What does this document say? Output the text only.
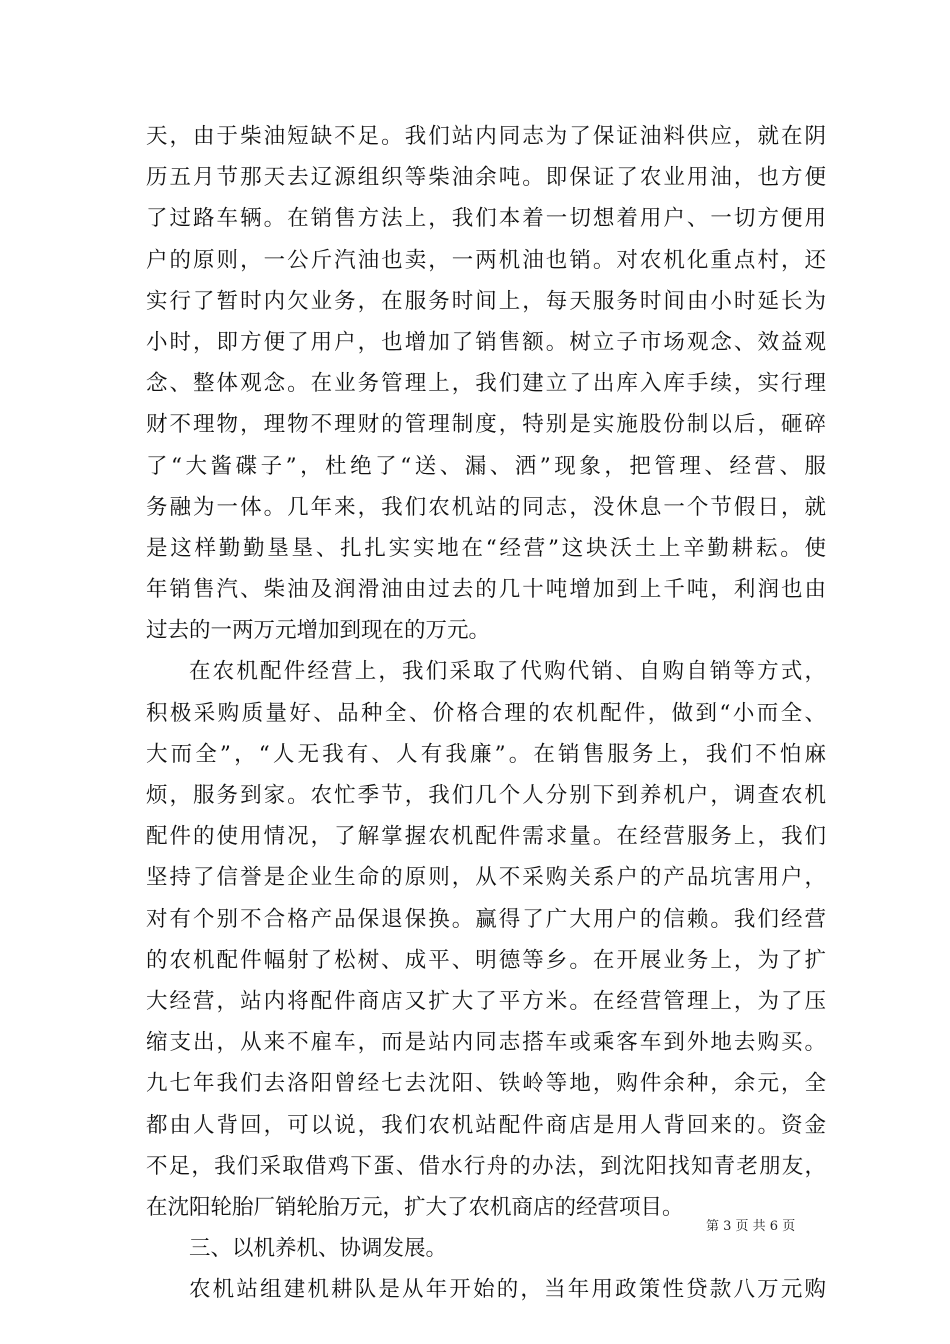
天，由于柴油短缺不足。我们站内同志为了保证油料供应，就在阴
历五月节那天去辽源组织等柴油余吨。即保证了农业用油，也方便
了过路车辆。在销售方法上，我们本着一切想着用户、一切方便用
户的原则，一公斤汽油也卖，一两机油也销。对农机化重点村，还
实行了暂时内欠业务，在服务时间上，每天服务时间由小时延长为
小时，即方便了用户，也增加了销售额。树立子市场观念、效益观
念、整体观念。在业务管理上，我们建立了出库入库手续，实行理
财不理物，理物不理财的管理制度，特别是实施股份制以后，砸碎
了“大酱碟子”，杜绝了“送、漏、洒”现象，把管理、经营、服
务融为一体。几年来，我们农机站的同志，没休息一个节假日，就
是这样勤勤垦垦、扎扎实实地在“经营”这块沃土上辛勤耕耘。使
年销售汽、柴油及润滑油由过去的几十吨增加到上千吨，利润也由
过去的一两万元增加到现在的万元。
在农机配件经营上，我们采取了代购代销、自购自销等方式，
积极采购质量好、品种全、价格合理的农机配件，做到“小而全、
大而全”，“人无我有、人有我廉”。在销售服务上，我们不怕麻
烦，服务到家。农忙季节，我们几个人分别下到养机户，调查农机
配件的使用情况，了解掌握农机配件需求量。在经营服务上，我们
坚持了信誉是企业生命的原则，从不采购关系户的产品坑害用户，
对有个别不合格产品保退保换。赢得了广大用户的信赖。我们经营
的农机配件幅射了松树、成平、明德等乡。在开展业务上，为了扩
大经营，站内将配件商店又扩大了平方米。在经营管理上，为了压
缩支出，从来不雇车，而是站内同志搭车或乘客车到外地去购买。
九七年我们去洛阳曾经七去沈阳、铁岭等地，购件余种，余元，全
都由人背回，可以说，我们农机站配件商店是用人背回来的。资金
不足，我们采取借鸡下蛋、借水行舟的办法，到沈阳找知青老朋友，
在沈阳轮胎厂销轮胎万元，扩大了农机商店的经营项目。
三、以机养机、协调发展。
农机站组建机耕队是从年开始的，当年用政策性贷款八万元购
第 3 页 共 6 页
